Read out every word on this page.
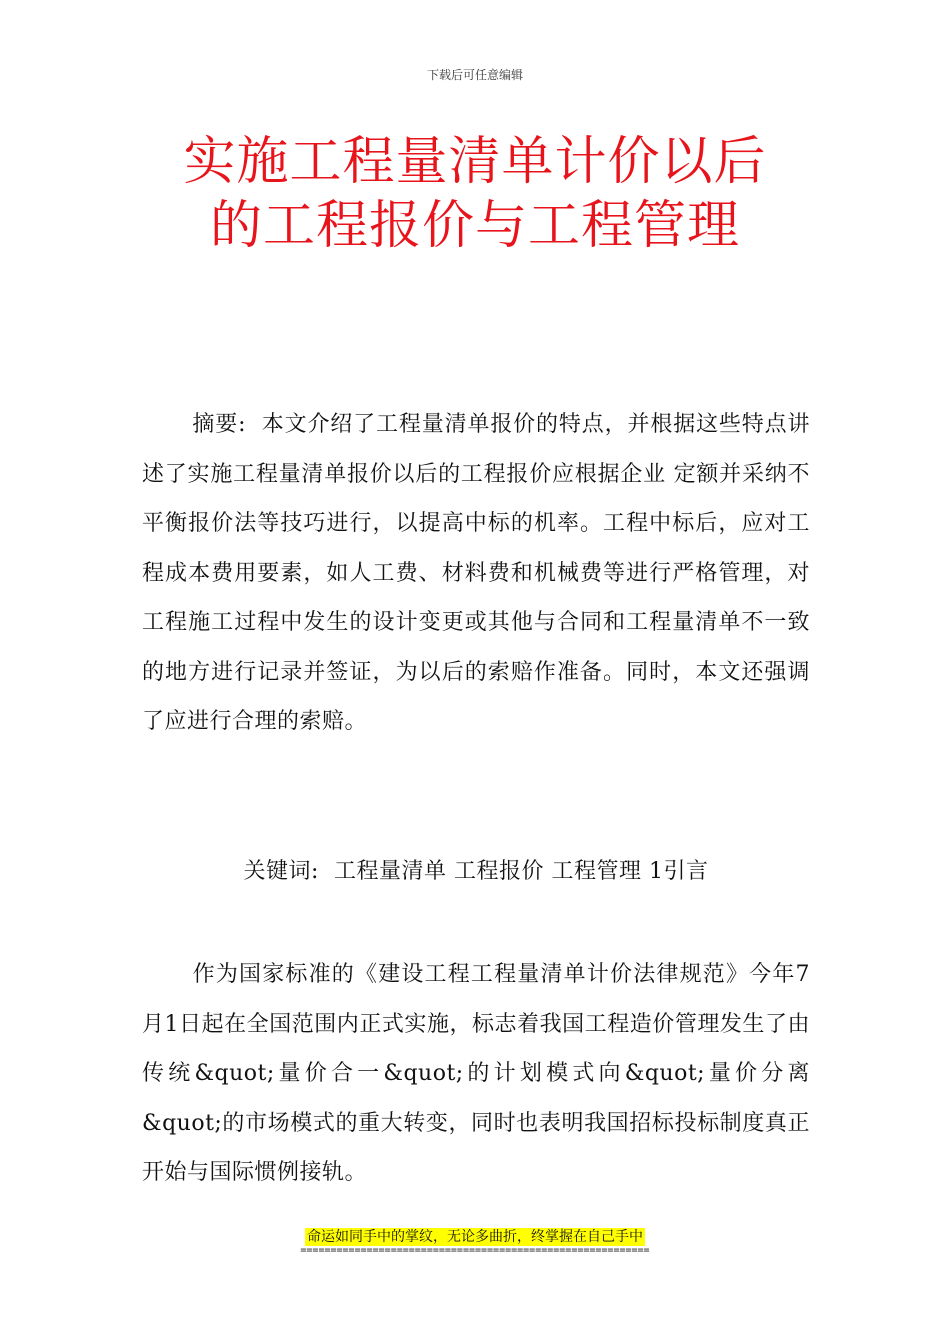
下载后可任意编辑
实施工程量清单计价以后
的工程报价与工程管理
摘要: 本文介绍了工程量清单报价的特点，并根据这些特点讲述了实施工程量清单报价以后的工程报价应根据企业 定额并采纳不平衡报价法等技巧进行，以提高中标的机率。工程中标后，应对工程成本费用要素，如人工费、材料费和机械费等进行严格管理，对工程施工过程中发生的设计变更或其他与合同和工程量清单不一致的地方进行记录并签证，为以后的索赔作准备。同时，本文还强调了应进行合理的索赔。
关键词: 工程量清单 工程报价 工程管理 1引言
作为国家标准的《建设工程工程量清单计价法律规范》今年7月1日起在全国范围内正式实施，标志着我国工程造价管理发生了由传统&quot;量价合一&quot;的计划模式向&quot;量价分离&quot;的市场模式的重大转变，同时也表明我国招标投标制度真正开始与国际惯例接轨。
命运如同手中的掌纹，无论多曲折，终掌握在自己手中
==========================================================
